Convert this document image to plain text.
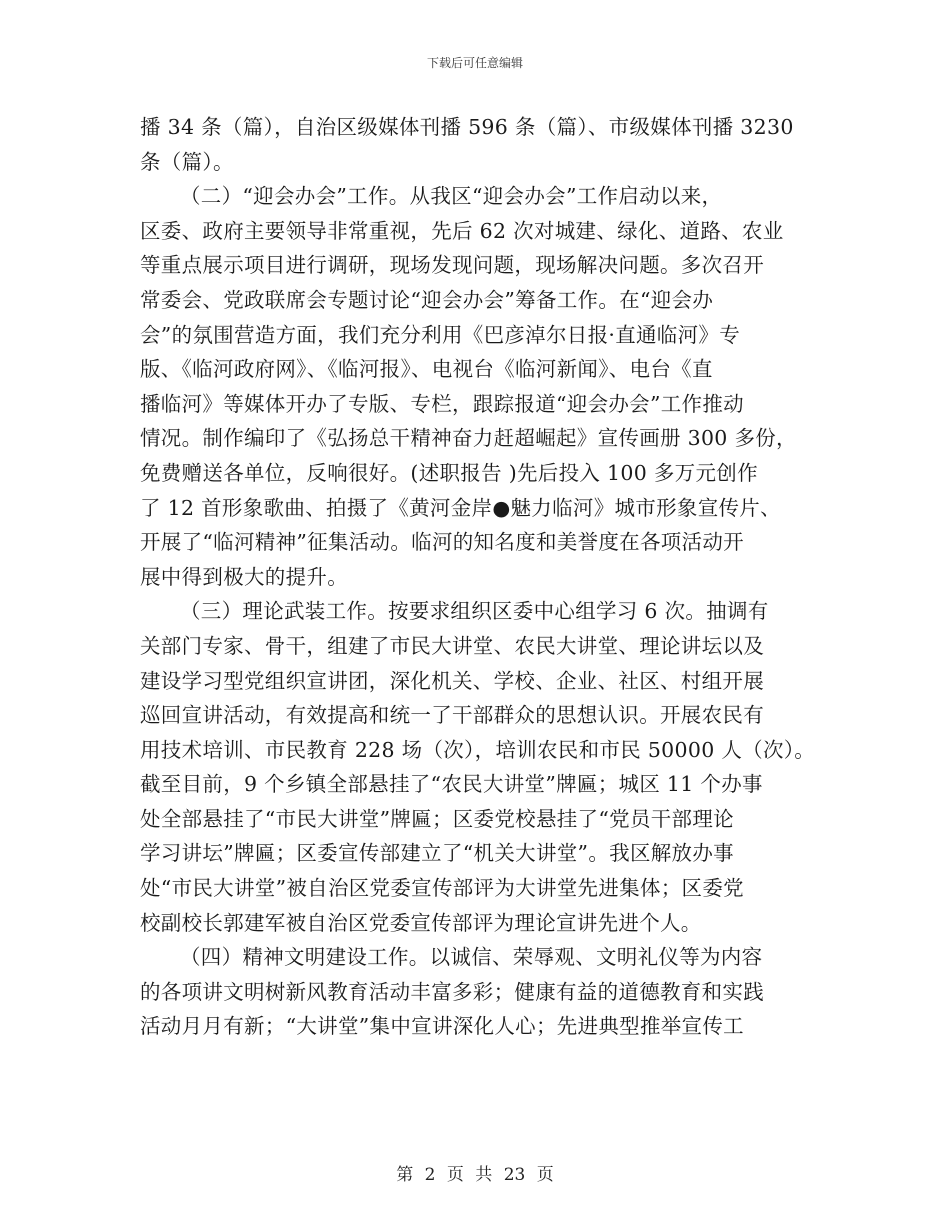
下载后可任意编辑

播 34 条（篇），自治区级媒体刊播 596 条（篇）、市级媒体刊播 3230
条（篇）。

（二）“迎会办会”工作。从我区“迎会办会”工作启动以来，
区委、政府主要领导非常重视，先后 62 次对城建、绿化、道路、农业
等重点展示项目进行调研，现场发现问题，现场解决问题。多次召开
常委会、党政联席会专题讨论“迎会办会”筹备工作。在“迎会办
会”的氛围营造方面，我们充分利用《巴彦淖尔日报·直通临河》专
版、《临河政府网》、《临河报》、电视台《临河新闻》、电台《直
播临河》等媒体开办了专版、专栏，跟踪报道“迎会办会”工作推动
情况。制作编印了《弘扬总干精神奋力赶超崛起》宣传画册 300 多份，
免费赠送各单位，反响很好。(述职报告 )先后投入 100 多万元创作
了 12 首形象歌曲、拍摄了《黄河金岸●魅力临河》城市形象宣传片、
开展了“临河精神”征集活动。临河的知名度和美誉度在各项活动开
展中得到极大的提升。

（三）理论武装工作。按要求组织区委中心组学习 6 次。抽调有
关部门专家、骨干，组建了市民大讲堂、农民大讲堂、理论讲坛以及
建设学习型党组织宣讲团，深化机关、学校、企业、社区、村组开展
巡回宣讲活动，有效提高和统一了干部群众的思想认识。开展农民有
用技术培训、市民教育 228 场（次），培训农民和市民 50000 人（次）。
截至目前，9 个乡镇全部悬挂了“农民大讲堂”牌匾；城区 11 个办事
处全部悬挂了“市民大讲堂”牌匾；区委党校悬挂了“党员干部理论
学习讲坛”牌匾；区委宣传部建立了“机关大讲堂”。我区解放办事
处“市民大讲堂”被自治区党委宣传部评为大讲堂先进集体；区委党
校副校长郭建军被自治区党委宣传部评为理论宣讲先进个人。

（四）精神文明建设工作。以诚信、荣辱观、文明礼仪等为内容
的各项讲文明树新风教育活动丰富多彩；健康有益的道德教育和实践
活动月月有新；“大讲堂”集中宣讲深化人心；先进典型推举宣传工

第 2 页 共 23 页
